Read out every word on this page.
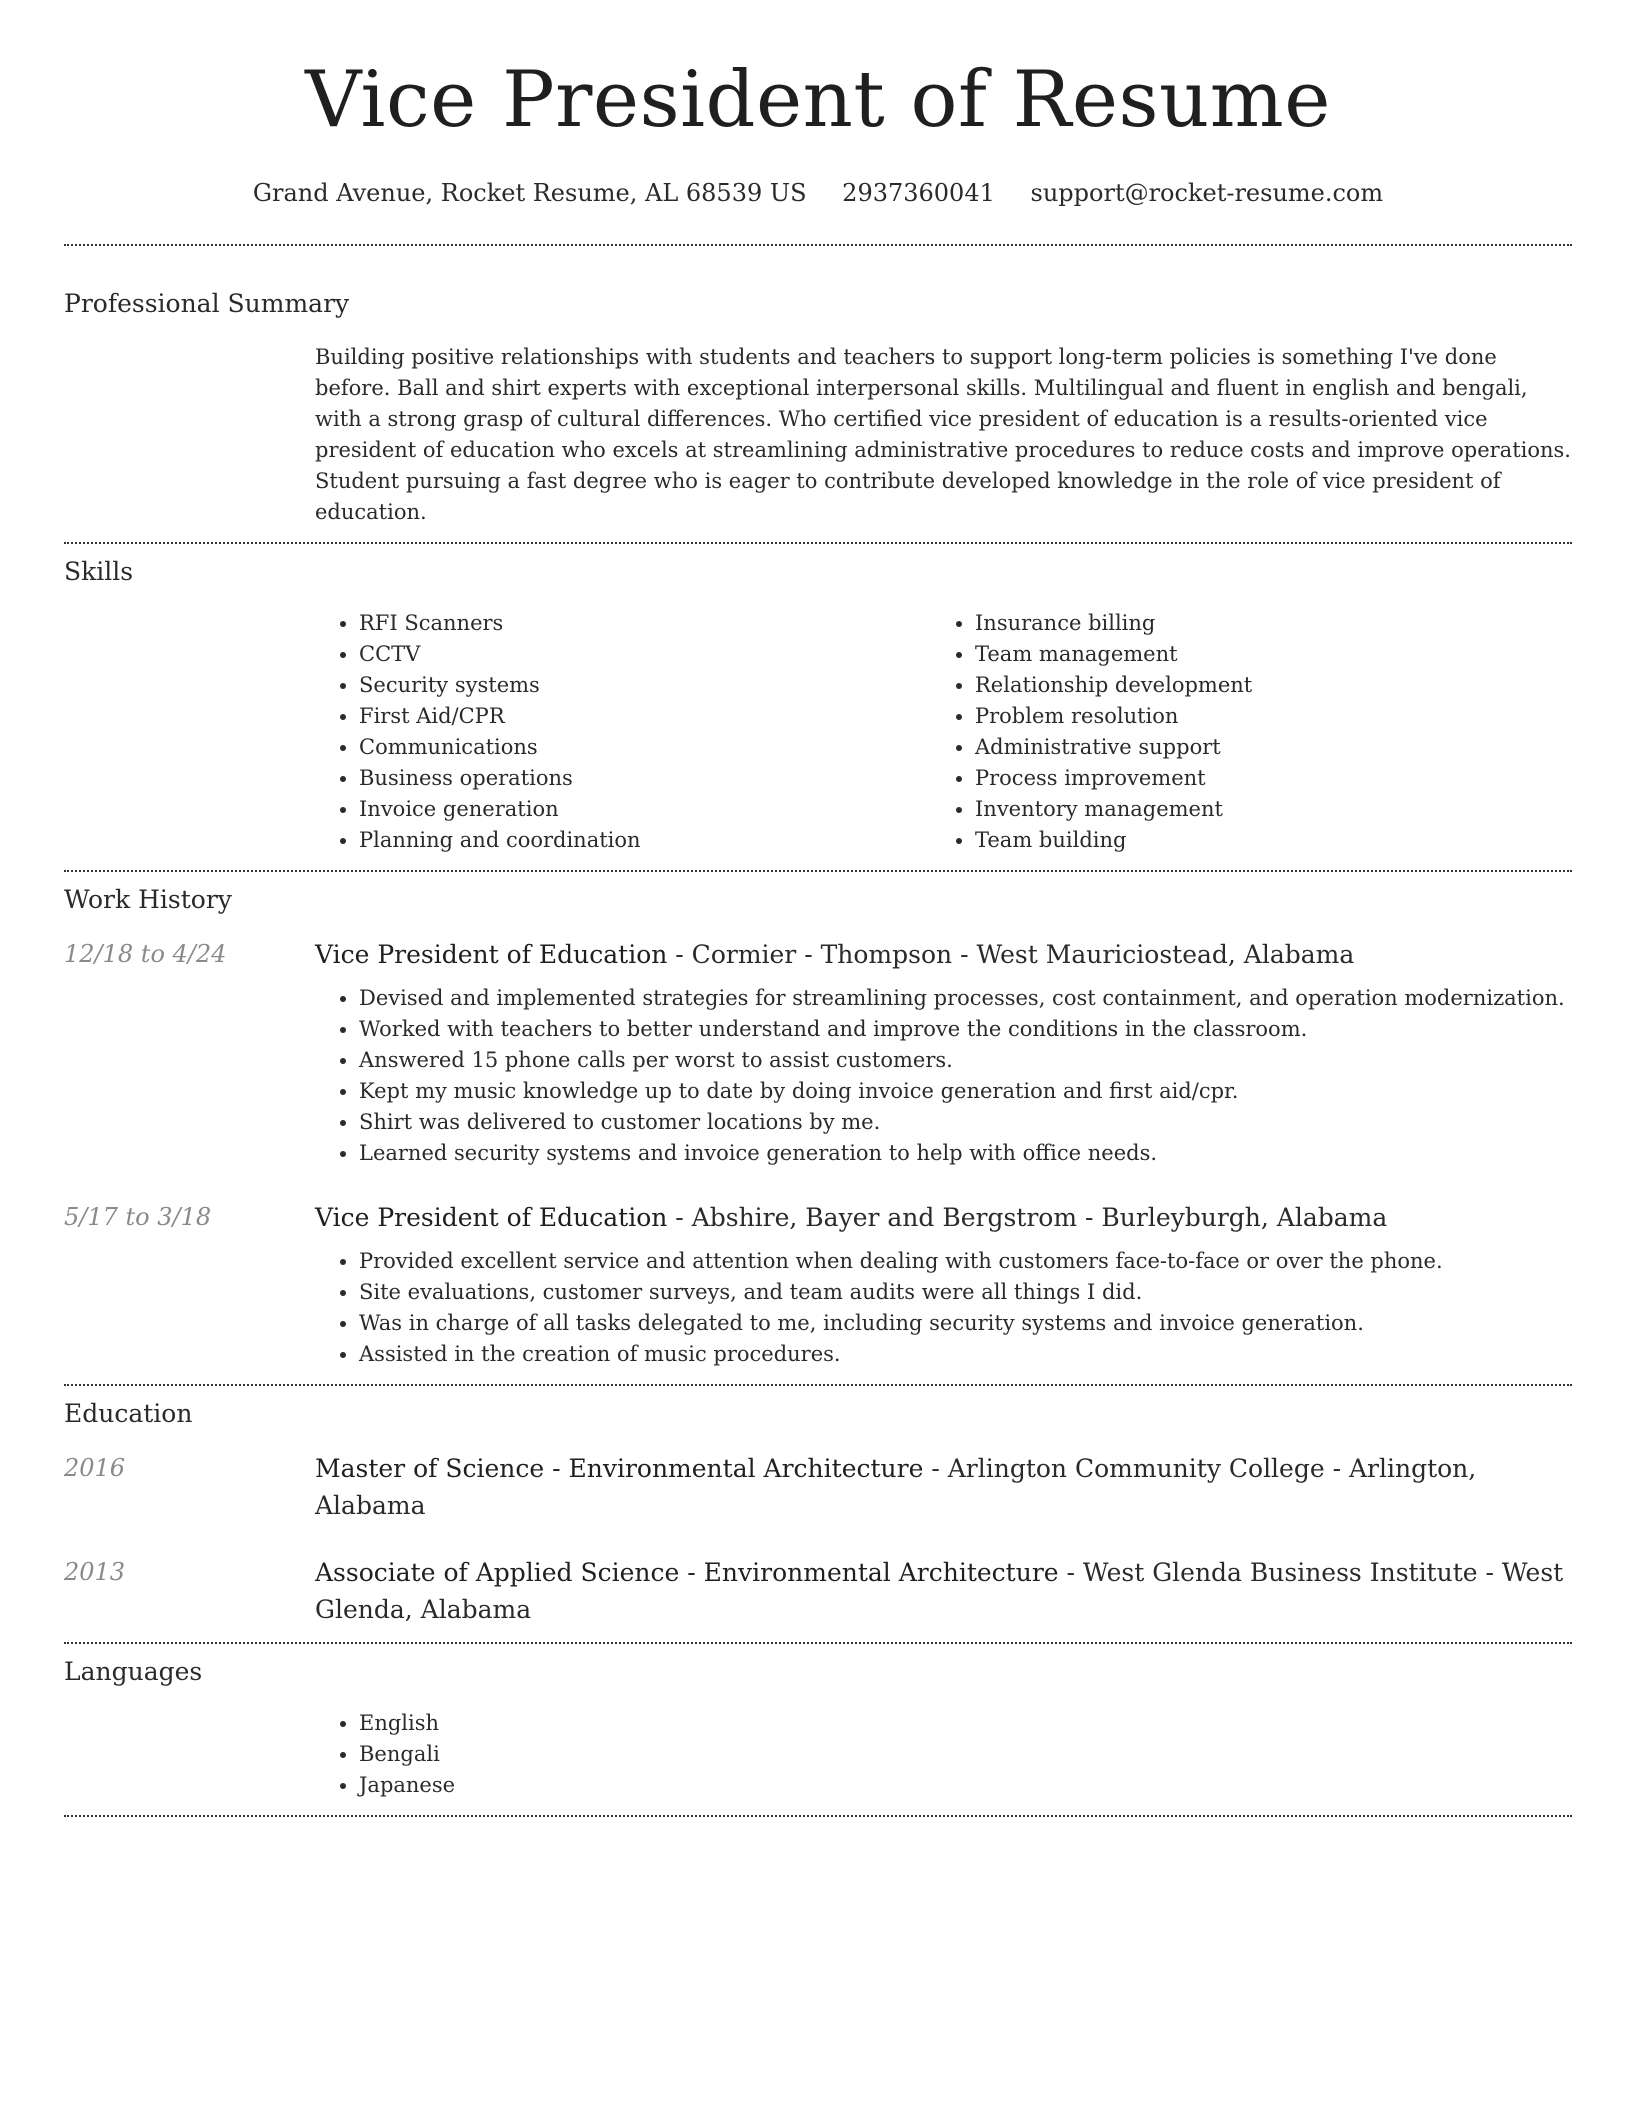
Vice President of Resume
Grand Avenue, Rocket Resume, AL 68539 US 2937360041 support@rocket-resume.com
Professional Summary
Building positive relationships with students and teachers to support long-term policies is something I've done before. Ball and shirt experts with exceptional interpersonal skills. Multilingual and fluent in english and bengali, with a strong grasp of cultural differences. Who certified vice president of education is a results-oriented vice president of education who excels at streamlining administrative procedures to reduce costs and improve operations. Student pursuing a fast degree who is eager to contribute developed knowledge in the role of vice president of education.
Skills
• RFI Scanners
• CCTV
• Security systems
• First Aid/CPR
• Communications
• Business operations
• Invoice generation
• Planning and coordination
• Insurance billing
• Team management
• Relationship development
• Problem resolution
• Administrative support
• Process improvement
• Inventory management
• Team building
Work History
12/18 to 4/24	Vice President of Education - Cormier - Thompson - West Mauriciostead, Alabama
• Devised and implemented strategies for streamlining processes, cost containment, and operation modernization.
• Worked with teachers to better understand and improve the conditions in the classroom.
• Answered 15 phone calls per worst to assist customers.
• Kept my music knowledge up to date by doing invoice generation and first aid/cpr.
• Shirt was delivered to customer locations by me.
• Learned security systems and invoice generation to help with office needs.
5/17 to 3/18	Vice President of Education - Abshire, Bayer and Bergstrom - Burleyburgh, Alabama
• Provided excellent service and attention when dealing with customers face-to-face or over the phone.
• Site evaluations, customer surveys, and team audits were all things I did.
• Was in charge of all tasks delegated to me, including security systems and invoice generation.
• Assisted in the creation of music procedures.
Education
2016	Master of Science - Environmental Architecture - Arlington Community College - Arlington, Alabama
2013	Associate of Applied Science - Environmental Architecture - West Glenda Business Institute - West Glenda, Alabama
Languages
• English
• Bengali
• Japanese
